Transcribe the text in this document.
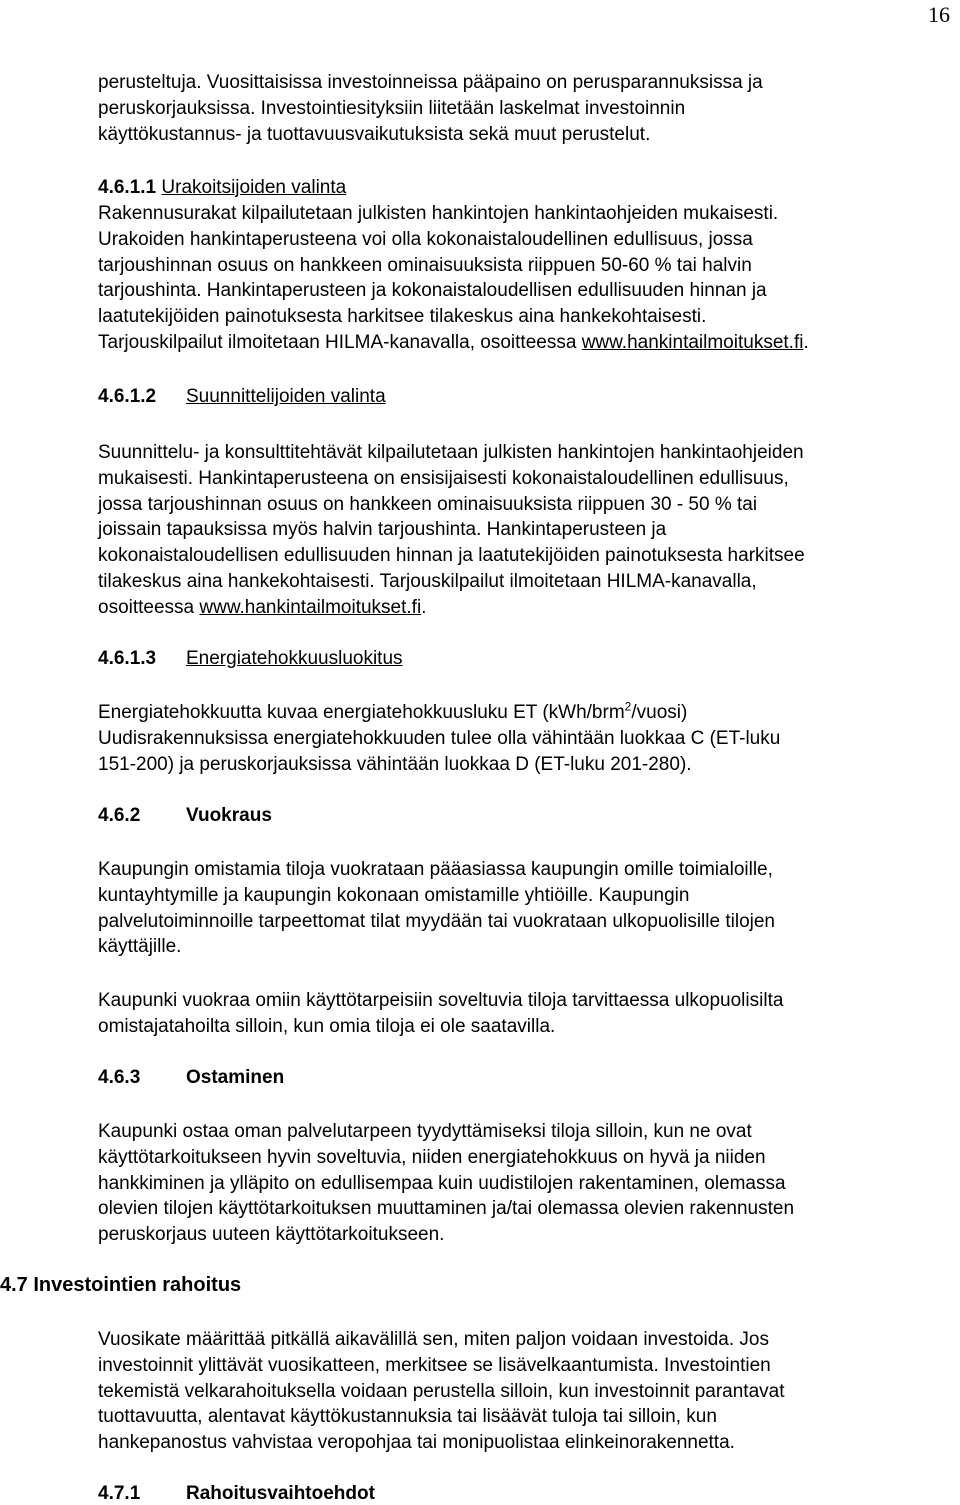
16
perusteltuja. Vuosittaisissa investoinneissa pääpaino on perusparannuksissa ja
peruskorjauksissa. Investointiesityksiin liitetään laskelmat investoinnin
käyttökustannus- ja tuottavuusvaikutuksista sekä muut perustelut.
4.6.1.1 Urakoitsijoiden valinta
Rakennusurakat kilpailutetaan julkisten hankintojen hankintaohjeiden mukaisesti.
Urakoiden hankintaperusteena voi olla kokonaistaloudellinen edullisuus, jossa
tarjoushinnan osuus on hankkeen ominaisuuksista riippuen 50-60 % tai halvin
tarjoushinta. Hankintaperusteen ja kokonaistaloudellisen edullisuuden hinnan ja
laatutekijöiden painotuksesta harkitsee tilakeskus aina hankekohtaisesti.
Tarjouskilpailut ilmoitetaan HILMA-kanavalla, osoitteessa www.hankintailmoitukset.fi.
4.6.1.2 Suunnittelijoiden valinta
Suunnittelu- ja konsulttitehtävät kilpailutetaan julkisten hankintojen hankintaohjeiden
mukaisesti. Hankintaperusteena on ensisijaisesti kokonaistaloudellinen edullisuus,
jossa tarjoushinnan osuus on hankkeen ominaisuuksista riippuen 30 - 50 % tai
joissain tapauksissa myös halvin tarjoushinta. Hankintaperusteen ja
kokonaistaloudellisen edullisuuden hinnan ja laatutekijöiden painotuksesta harkitsee
tilakeskus aina hankekohtaisesti. Tarjouskilpailut ilmoitetaan HILMA-kanavalla,
osoitteessa www.hankintailmoitukset.fi.
4.6.1.3 Energiatehokkuusluokitus
Energiatehokkuutta kuvaa energiatehokkuusluku ET (kWh/brm$^2$/vuosi)
Uudisrakennuksissa energiatehokkuuden tulee olla vähintään luokkaa C (ET-luku
151-200) ja peruskorjauksissa vähintään luokkaa D (ET-luku 201-280).
4.6.2 Vuokraus
Kaupungin omistamia tiloja vuokrataan pääasiassa kaupungin omille toimialoille,
kuntayhtymille ja kaupungin kokonaan omistamille yhtiöille. Kaupungin
palvelutoiminnoille tarpeettomat tilat myydään tai vuokrataan ulkopuolisille tilojen
käyttäjille.
Kaupunki vuokraa omiin käyttötarpeisiin soveltuvia tiloja tarvittaessa ulkopuolisilta
omistajatahoilta silloin, kun omia tiloja ei ole saatavilla.
4.6.3 Ostaminen
Kaupunki ostaa oman palvelutarpeen tyydyttämiseksi tiloja silloin, kun ne ovat
käyttötarkoitukseen hyvin soveltuvia, niiden energiatehokkuus on hyvä ja niiden
hankkiminen ja ylläpito on edullisempaa kuin uudistilojen rakentaminen, olemassa
olevien tilojen käyttötarkoituksen muuttaminen ja/tai olemassa olevien rakennusten
peruskorjaus uuteen käyttötarkoitukseen.
4.7 Investointien rahoitus
Vuosikate määrittää pitkällä aikavälillä sen, miten paljon voidaan investoida. Jos
investoinnit ylittävät vuosikatteen, merkitsee se lisävelkaantumista. Investointien
tekemistä velkarahoituksella voidaan perustella silloin, kun investoinnit parantavat
tuottavuutta, alentavat käyttökustannuksia tai lisäävät tuloja tai silloin, kun
hankepanostus vahvistaa veropohjaa tai monipuolistaa elinkeinorakennetta.
4.7.1 Rahoitusvaihtoehdot
